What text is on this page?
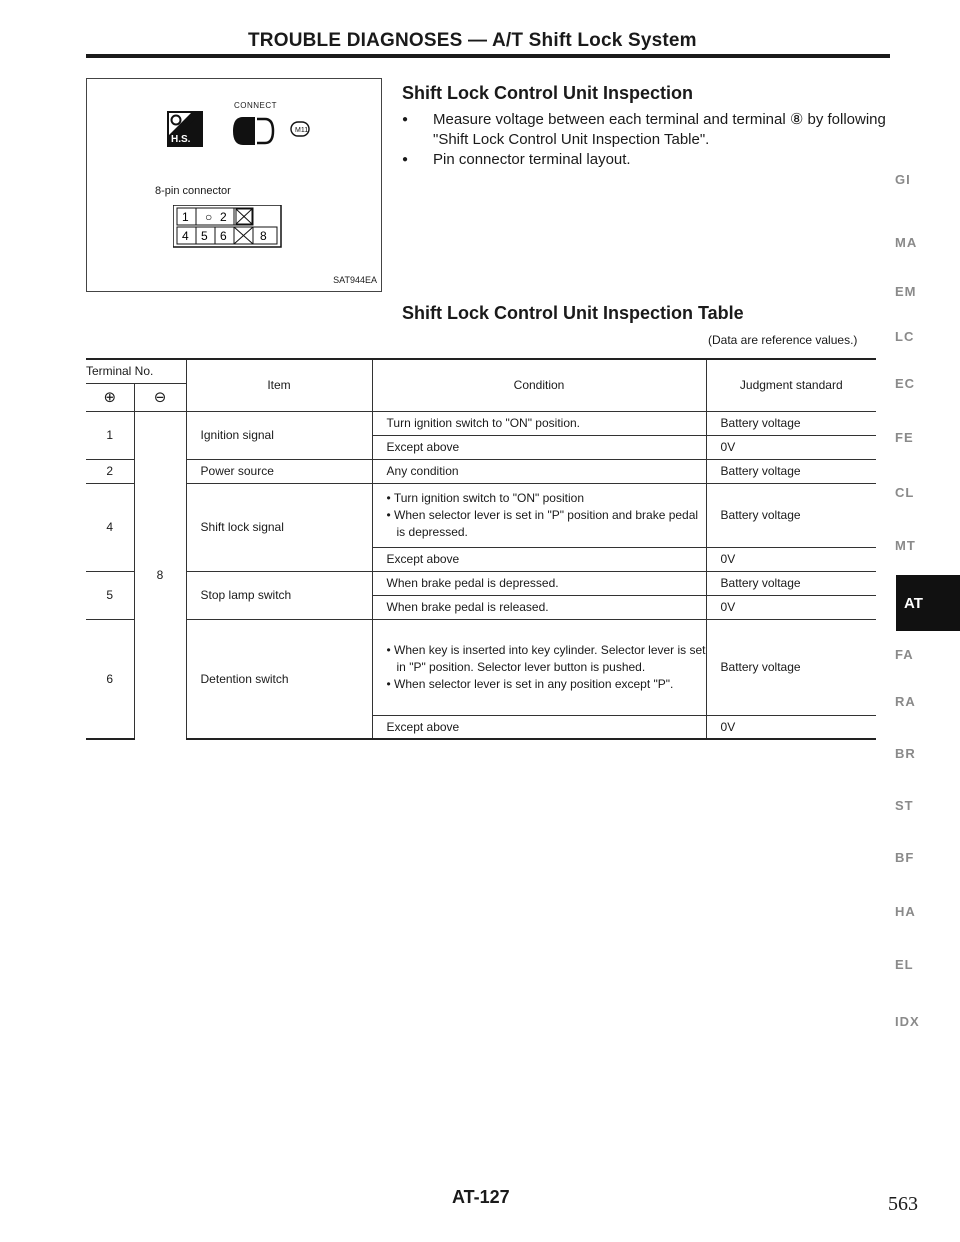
TROUBLE DIAGNOSES — A/T Shift Lock System
H.S.
CONNECT
M11
8-pin connector
1 ○ 2
4 5 6	8
SAT944EA
Shift Lock Control Unit Inspection
● Measure voltage between each terminal and terminal ⑧ by following "Shift Lock Control Unit Inspection Table".
● Pin connector terminal layout.
Shift Lock Control Unit Inspection Table
(Data are reference values.)
Terminal No.		Item	Condition	Judgment standard
⊕	⊖			
1	8	Ignition signal	Turn ignition switch to "ON" position.	Battery voltage
			Except above	0V
2		Power source	Any condition	Battery voltage
4		Shift lock signal	• Turn ignition switch to "ON" position
• When selector lever is set in "P" position and brake pedal is depressed.	Battery voltage
			Except above	0V
5		Stop lamp switch	When brake pedal is depressed.	Battery voltage
			When brake pedal is released.	0V
6		Detention switch	• When key is inserted into key cylinder. Selector lever is set in "P" position. Selector lever button is pushed.
• When selector lever is set in any position except "P".	Battery voltage
			Except above	0V
GI
MA
EM
LC
EC
FE
CL
MT
AT
FA
RA
BR
ST
BF
HA
EL
IDX
AT-127	563
